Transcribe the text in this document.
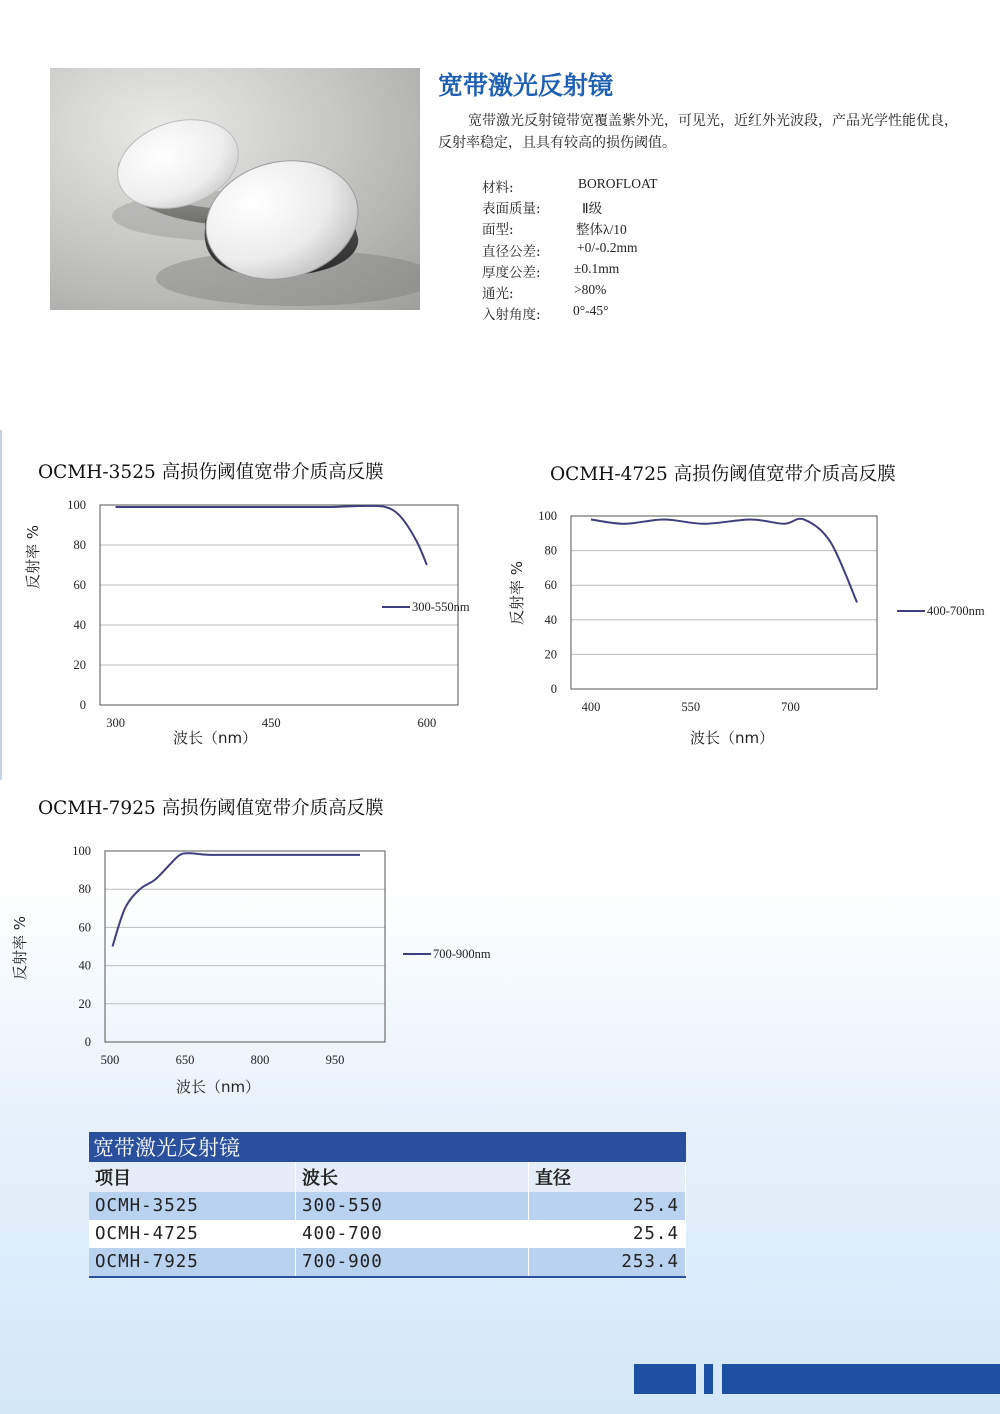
宽带激光反射镜

宽带激光反射镜带宽覆盖紫外光，可见光，近红外光波段，产品光学性能优良，反射率稳定，且具有较高的损伤阈值。

材料:	BOROFLOAT
表面质量:	Ⅱ级
面型:	整体λ/10
直径公差:	+0/-0.2mm
厚度公差: ±0.1mm
通光:	>80%
入射角度: 0°-45°
OCMH-3525 高损伤阈值宽带介质高反膜
0
20
40
60
80
100
300	450	600
300-550nm
反射率 %
波长（nm）
OCMH-4725 高损伤阈值宽带介质高反膜
0
20
40
60
80
100
400	550	700
400-700nm
反射率 %
波长（nm）
OCMH-7925 高损伤阈值宽带介质高反膜
0
20
40
60
80
100
500	650	800	950
700-900nm
反射率 %
波长（nm）
宽带激光反射镜		
项目	波长	直径
OCMH-3525	300-550	25.4
OCMH-4725	400-700	25.4
OCMH-7925	700-900	253.4
